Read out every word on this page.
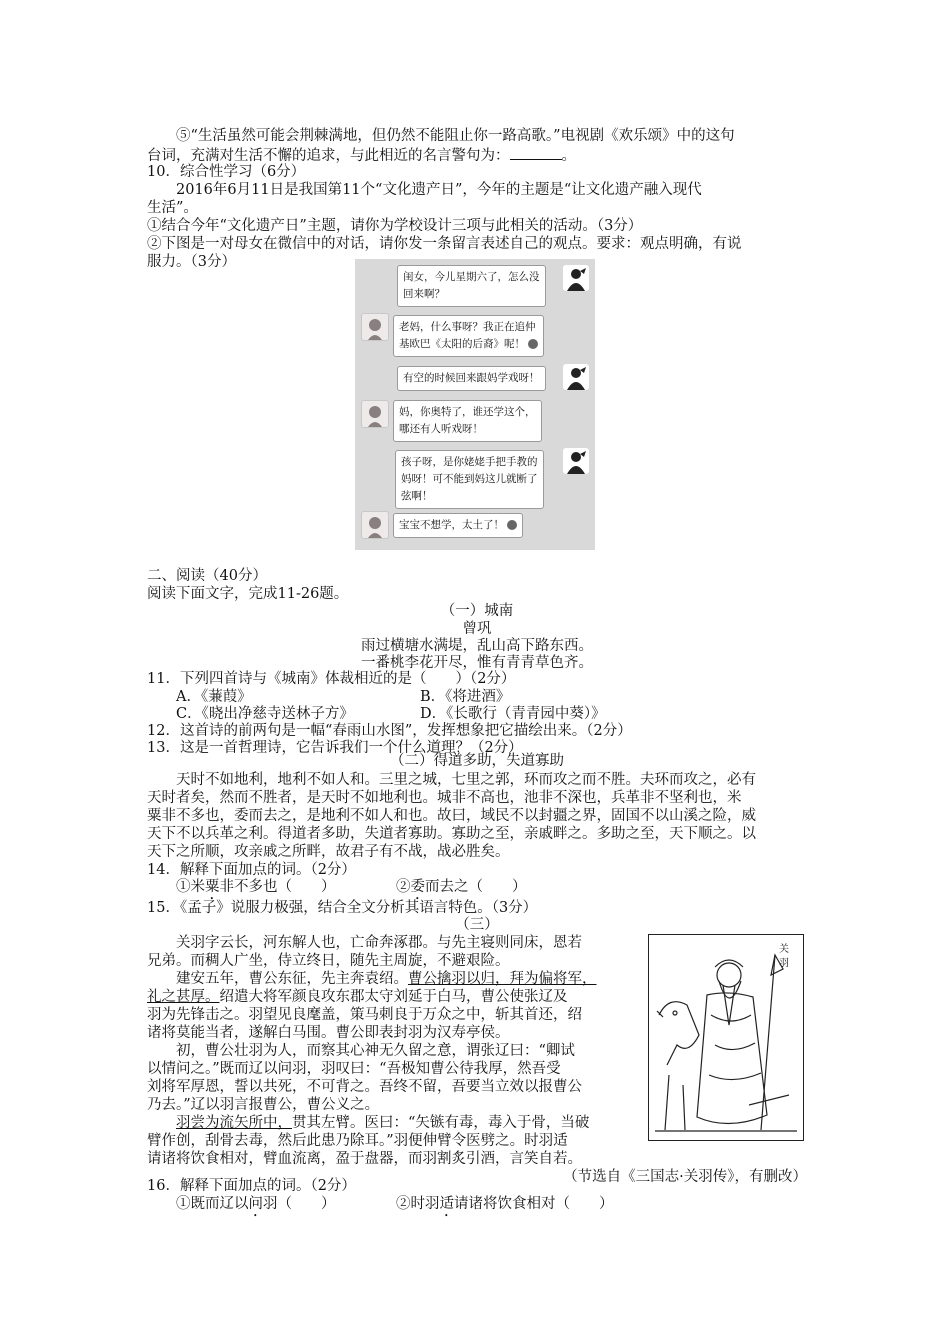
⑤“生活虽然可能会荆棘满地，但仍然不能阻止你一路高歌。”电视剧《欢乐颂》中的这句
台词，充满对生活不懈的追求，与此相近的名言警句为：	。
10．综合性学习（6分）
2016年6月11日是我国第11个“文化遗产日”，今年的主题是“让文化遗产融入现代
生活”。
①结合今年“文化遗产日”主题，请你为学校设计三项与此相关的活动。（3分）
②下图是一对母女在微信中的对话，请你发一条留言表述自己的观点。要求：观点明确，有说
服力。（3分）
闺女，今儿星期六了，怎么没
回来啊？
老妈，什么事呀？我正在追仲
基欧巴《太阳的后裔》呢！
有空的时候回来跟妈学戏呀！
妈，你奥特了，谁还学这个，
哪还有人听戏呀！
孩子呀，是你姥姥手把手教的
妈呀！可不能到妈这儿就断了
弦啊！
宝宝不想学，太土了！
二、阅读（40分）
阅读下面文字，完成11-26题。
（一）城南
曾巩
雨过横塘水满堤，乱山高下路东西。
一番桃李花开尽，惟有青青草色齐。
11．下列四首诗与《城南》体裁相近的是（　　）（2分）
A．《蒹葭》	B．《将进酒》
C．《晓出净慈寺送林子方》	D．《长歌行（青青园中葵）》
12．这首诗的前两句是一幅“春雨山水图”，发挥想象把它描绘出来。（2分）
13．这是一首哲理诗，它告诉我们一个什么道理？（2分）
（二）得道多助，失道寡助
天时不如地利，地利不如人和。三里之城，七里之郭，环而攻之而不胜。夫环而攻之，必有
天时者矣，然而不胜者，是天时不如地利也。城非不高也，池非不深也，兵革非不坚利也，米
粟非不多也，委而去之，是地利不如人和也。故曰，域民不以封疆之界，固国不以山溪之险，威
天下不以兵革之利。得道者多助，失道者寡助。寡助之至，亲戚畔之。多助之至，天下顺之。以
天下之所顺，攻亲戚之所畔，故君子有不战，战必胜矣。
14．解释下面加点的词。（2分）
①米粟非不多也（　　）	②委而去之（　　）
15．《孟子》说服力极强，结合全文分析其语言特色。（3分）
（三）
关羽字云长，河东解人也，亡命奔涿郡。与先主寝则同床，恩若
兄弟。而稠人广坐，侍立终日，随先主周旋，不避艰险。
建安五年，曹公东征，先主奔袁绍。曹公擒羽以归，拜为偏将军，
礼之甚厚。绍遣大将军颜良攻东郡太守刘延于白马，曹公使张辽及
羽为先锋击之。羽望见良麾盖，策马刺良于万众之中，斩其首还，绍
诸将莫能当者，遂解白马围。曹公即表封羽为汉寿亭侯。
初，曹公壮羽为人，而察其心神无久留之意，谓张辽曰：“卿试
以情问之。”既而辽以问羽，羽叹曰：“吾极知曹公待我厚，然吾受
刘将军厚恩，誓以共死，不可背之。吾终不留，吾要当立效以报曹公
乃去。”辽以羽言报曹公，曹公义之。
羽尝为流矢所中，贯其左臂。医曰：“矢镞有毒，毒入于骨，当破
臂作创，刮骨去毒，然后此患乃除耳。”羽便伸臂令医劈之。时羽适
请诸将饮食相对，臂血流离，盈于盘器，而羽割炙引酒，言笑自若。
（节选自《三国志·关羽传》，有删改）
关羽
16．解释下面加点的词。（2分）
①既而辽以问羽（　　）	②时羽适请诸将饮食相对（　　）
